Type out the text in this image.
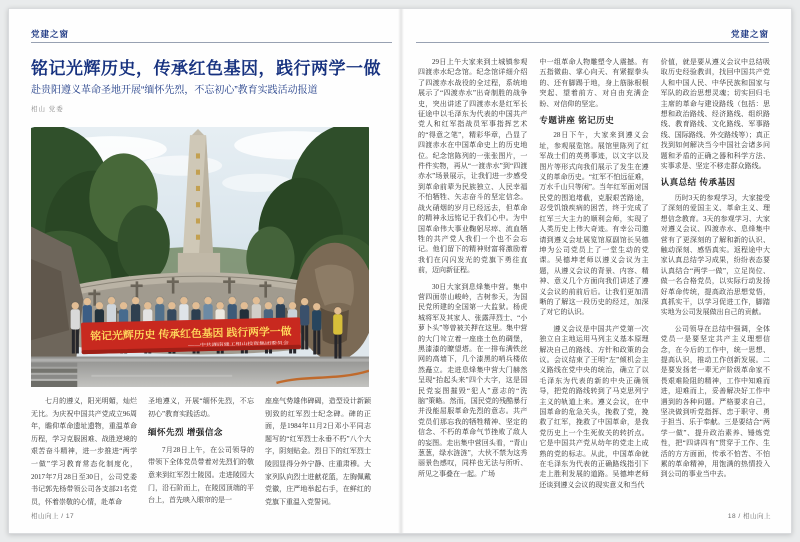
党建之窗
铭记光辉历史，传承红色基因，践行两学一做
赴贵阳遵义革命圣地开展“缅怀先烈，不忘初心”教育实践活动报道
相山 党委
铭记光辉历史 传承红色基因 践行两学一做
——中共湖南建工相山投资集团委员会

七月的遵义，阳光明媚，灿烂无比。为庆祝中国共产党成立96周年，瞻仰革命遗址遗物，重温革命历程，学习克服困难、战胜逆境的艰苦奋斗精神，进一步推进“两学一做”学习教育常态化制度化，2017年7月28日至30日，公司党委书记郭先杨带领公司各支部21名党员，怀着崇敬的心情，赴革命

圣地遵义，开展“缅怀先烈，不忘初心”教育实践活动。

缅怀先烈 增强信念

7月28日上午，在公司领导的带领下全体党员带着对先烈们的敬意来到红军烈士陵园。走进陵园大门，沿石阶而上，在陵园顶端的平台上，首先映入眼帘的是一

座座气势雄伟碑碣，造型设计新颖别致的红军烈士纪念碑。碑的正面，是1984年11月2日邓小平同志题写的“红军烈士永垂不朽”八个大字，阴刻贴金。烈日下的红军烈士陵园显得分外宁静、庄重肃穆。大家列队向烈士进献花篮，左胸佩戴党徽，庄严地举起右手，在鲜红的党旗下重温入党誓词。

相山向上 / 17
党建之窗

29日上午大家来到土城镇参观四渡赤水纪念馆。纪念馆详细介绍了四渡赤水战役的全过程，系统地展示了“四渡赤水”出奇制胜的战争史，突出讲述了四渡赤水是红军长征途中以毛泽东为代表的中国共产党人和红军指战员军事指挥艺术的“得意之笔”，精彩华章，凸显了四渡赤水在中国革命史上的历史地位。纪念馆陈列的一张张图片，一件件实物，再从“一渡赤水”到“四渡赤水”场景展示，让我们进一步感受到革命前辈为民族独立、人民幸福不怕牺牲、矢志奋斗的坚定信念。战火硝烟的岁月已经远去，但革命的精神永远铭记于我们心中。为中国革命伟大事业鞠躬尽瘁、流血牺牲的共产党人我们一个也不会忘记。他们留下的精神财富将激励着我们在闪闪发光的党旗下勇往直前，迈向新征程。

30日大家到息烽集中营。集中营四面崇山峻岭，古树参天，为国民党所建的全国第一大监狱。杨虎城将军及其家人、张露萍烈士、“小萝卜头”等曾被关押在这里。集中营的大门耸立着一座座土色的碉堡，黑漆漆的瞭望塔。在一排布满铁丝网的高墙下，几个漆黑的哨兵楼依然矗立。走进息烽集中营大门赫然呈现“抬起头来”四个大字，这是国民党妄图摧毁“犯人”意志的“洗脑”策略。然而，国民党的残酷暴行并没能屈服革命先烈的意志。共产党员们那忘我的牺牲精神、坚定的信念、不朽的革命气节挫败了敌人的妄图。走出集中营回头看，“青山葱葱，绿水涟涟”，大伙不禁为这秀丽景色感叹，同样也无法与所听、所见之事叠在一起。广场

中一组革命人物雕塑令人震撼。有五指微曲、掌心向天、有紧握拳头的、还有脚踢于地，身上筋脉根根突起、望着前方、对自由充满企盼、对信仰的坚定。

专题讲座 铭记历史

28日下午，大家来到遵义会址，参观展览馆。展馆里陈列了红军战士们的英勇事迹，以文字以及图片等形式向我们展示了发生在遵义的革命历史。“红军不怕远征难，万水千山只等闲”。当年红军面对国民党的围追堵截，克服艰苦路途，忍受饥饿疾病的困苦，终于完成了红军三大主力的顺利会师，实现了人类历史上伟大奇迹。有幸公司邀请到遵义会址展览馆原副馆长吴德坤为公司党员上了一堂生动的党课。吴德坤老师以遵义会议为主题，从遵义会议的背景、内容、精神、意义几个方面向我们讲述了遵义会议的前前后后。让我们更加清晰的了解这一段历史的经过，加深了对它的认识。

遵义会议是中国共产党第一次独立自主地运用马列主义基本原理解决自己的路线、方针和政策的会议。会议结束了王明“左”倾机会主义路线在党中央的统治，确立了以毛泽东为代表的新的中央正确领导，把党的路线转到了马克思列宁主义的轨道上来。遵义会议，在中国革命的危急关头，挽救了党，挽救了红军，挽救了中国革命，是我党历史上一个生死攸关的转折点。它是中国共产党从幼年的党走上成熟的党的标志。从此，中国革命就在毛泽东为代表的正确路线指引下走上胜利发展的道路。吴德坤老师还谈到遵义会议的现实意义和当代

价值，就是要从遵义会议中总结吸取历史经验教训，找回中国共产党人和中国人民、中华民族和国家与军队的政治思想灵魂；切实回归毛主席的革命与建设路线（包括：思想和政治路线、经济路线、组织路线、教育路线、文化路线、军事路线、国际路线、外交路线等）；真正找到如何解决当今中国社会诸多问题和矛盾的正确之器和科学方法、实事求是、坚定不移走群众路线。

认真总结 传承基因

历时3天的参观学习，大家接受了深刻的爱国主义、革命主义、理想信念教育。3天的参观学习、大家对遵义会议、四渡赤水、息烽集中营有了更深刻的了解和新的认识、触动深刻、感悟真实。返程途中大家认真总结学习成果，纷纷表态要认真结合“两学一做”，立足岗位、做一名合格党员，以实际行动发扬好革命传统，提高政治思想觉悟，真抓实干，以学习促进工作，脚踏实地为公司发展做出自己的贡献。

公司领导在总结中强调，全体党员一是要坚定共产主义理想信念，在今后的工作中，统一思想、提高认识，推动工作创新发展。二是要发扬老一辈无产阶级革命家不畏艰难险阻的精神，工作中知难而进，迎难而上，妥善解决好工作中遇到的各种问题。严格要求自己，坚决做到听党指挥、忠于职守、勇于担当、乐于奉献。三是要结合“两学一做”、提升政治素养、锤炼党性，把“四讲四有”贯穿于工作、生活的方方面面，传承不怕苦、不怕累的革命精神，用饱满的热情投入到公司的事业当中去。

18 / 相山向上
